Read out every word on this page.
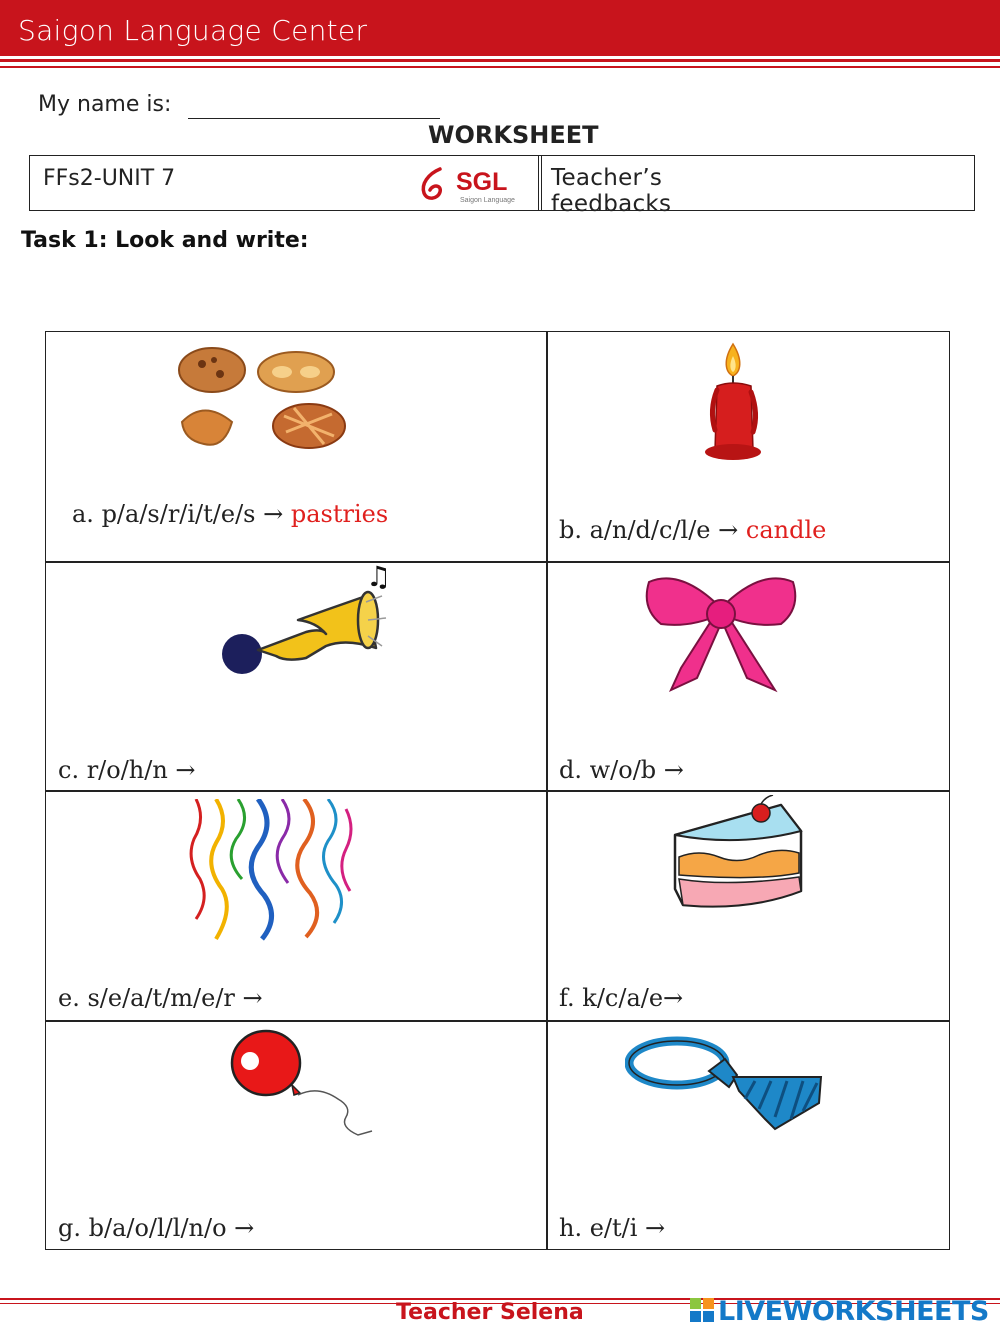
Saigon Language Center
My name is:
WORKSHEET
FFs2-UNIT 7	SGL
Saigon Language
Teacher’s feedbacks
Task 1: Look and write:
a. p/a/s/r/i/t/e/s → pastries
b. a/n/d/c/l/e → candle
♫
c. r/o/h/n →	d. w/o/b →
e. s/e/a/t/m/e/r →	f. k/c/a/e→
g. b/a/o/l/l/n/o →	h. e/t/i →
Teacher Selena	LIVEWORKSHEETS
